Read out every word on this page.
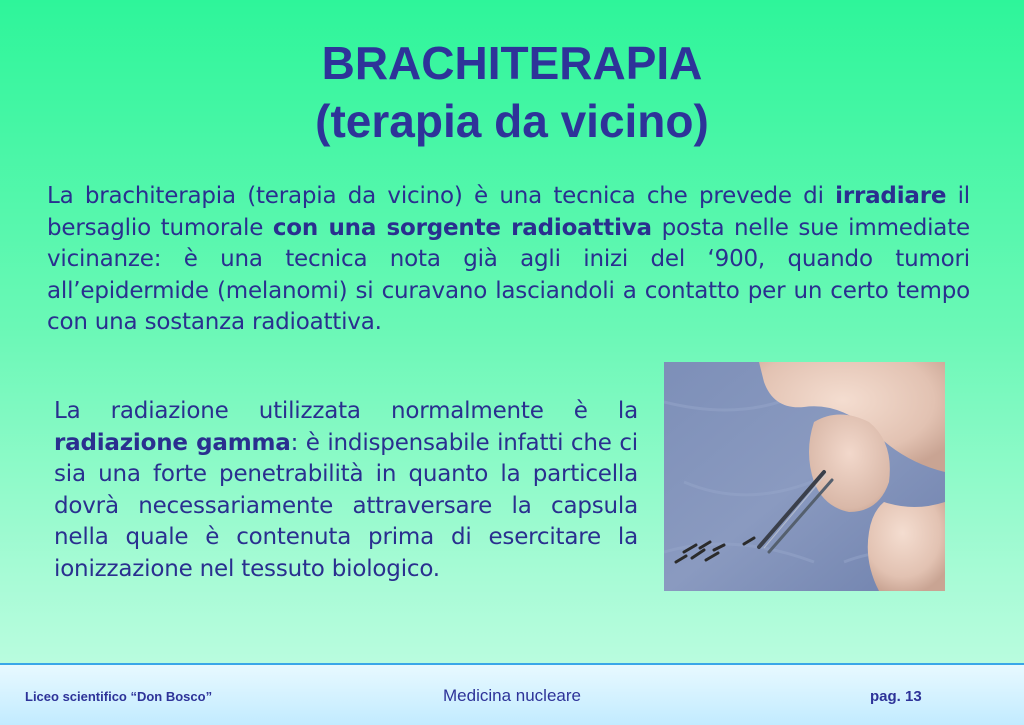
BRACHITERAPIA
(terapia da vicino)

La brachiterapia (terapia da vicino) è una tecnica che prevede di irradiare il bersaglio tumorale con una sorgente radioattiva posta nelle sue immediate vicinanze: è una tecnica nota già agli inizi del ‘900, quando tumori all’epidermide (melanomi) si curavano lasciandoli a contatto per un certo tempo con una sostanza radioattiva.

La radiazione utilizzata normalmente è la radiazione gamma: è indispensabile infatti che ci sia una forte penetrabilità in quanto la particella dovrà necessariamente attraversare la capsula nella quale è contenuta prima di esercitare la ionizzazione nel tessuto biologico.

Liceo scientifico “Don Bosco”	Medicina nucleare	pag. 13
